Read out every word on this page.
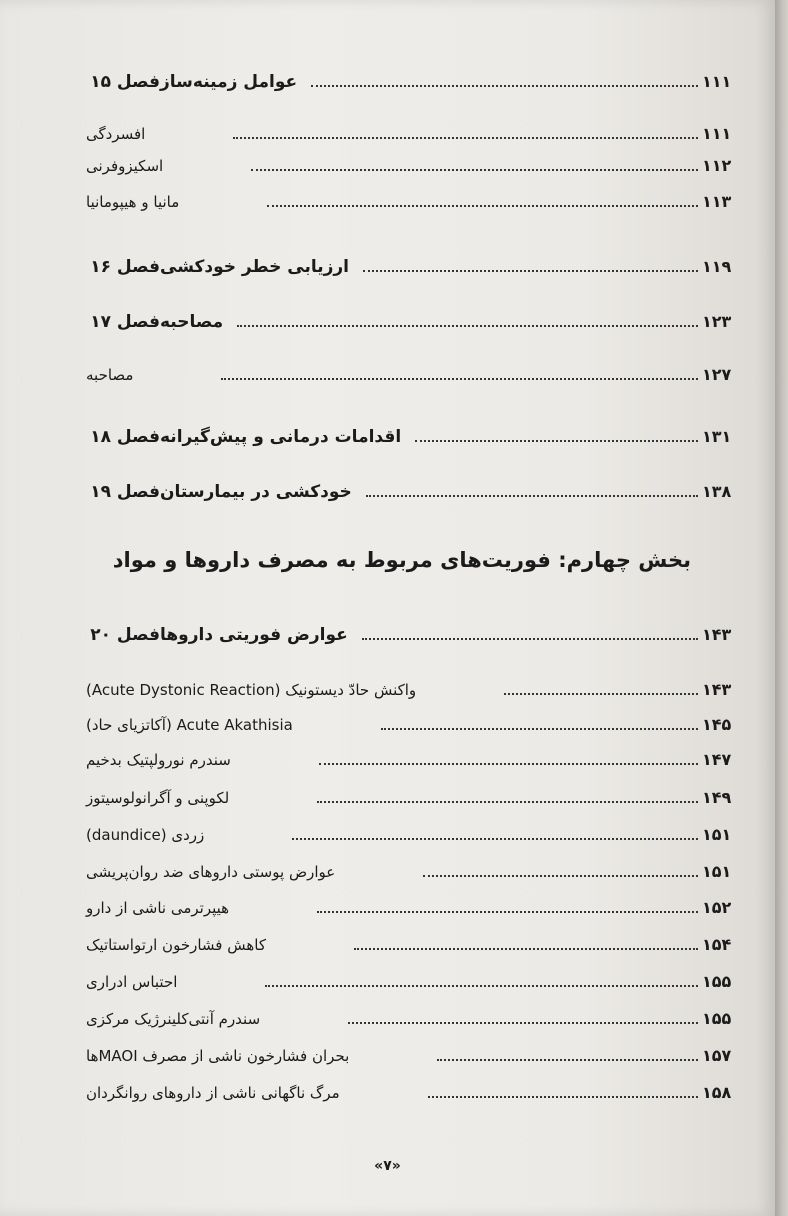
فصل ۱۵ عوامل زمینه‌ساز	۱۱۱
افسردگی	۱۱۱
اسکیزوفرنی	۱۱۲
مانیا و هیپومانیا	۱۱۳
فصل ۱۶ ارزیابی خطر خودکشی	۱۱۹
فصل ۱۷ مصاحبه	۱۲۳
مصاحبه	۱۲۷
فصل ۱۸ اقدامات درمانی و پیش‌گیرانه	۱۳۱
فصل ۱۹ خودکشی در بیمارستان	۱۳۸
بخش چهارم: فوریت‌های مربوط به مصرف داروها و مواد
فصل ۲۰ عوارض فوریتی داروها	۱۴۳
واکنش حادّ دیستونیک (Acute Dystonic Reaction)	۱۴۳
Acute Akathisia (آکاتزیای حاد)	۱۴۵
سندرم نورولپتیک بدخیم	۱۴۷
لکوپنی و آگرانولوسیتوز	۱۴۹
زردی (daundice)	۱۵۱
عوارض پوستی داروهای ضد روان‌پریشی	۱۵۱
هیپرترمی ناشی از دارو	۱۵۲
کاهش فشارخون ارتواستاتیک	۱۵۴
احتباس ادراری	۱۵۵
سندرم آنتی‌کلینرژیک مرکزی	۱۵۵
بحران فشارخون ناشی از مصرف MAOIها	۱۵۷
مرگ ناگهانی ناشی از داروهای روانگردان	۱۵۸
«۷»
